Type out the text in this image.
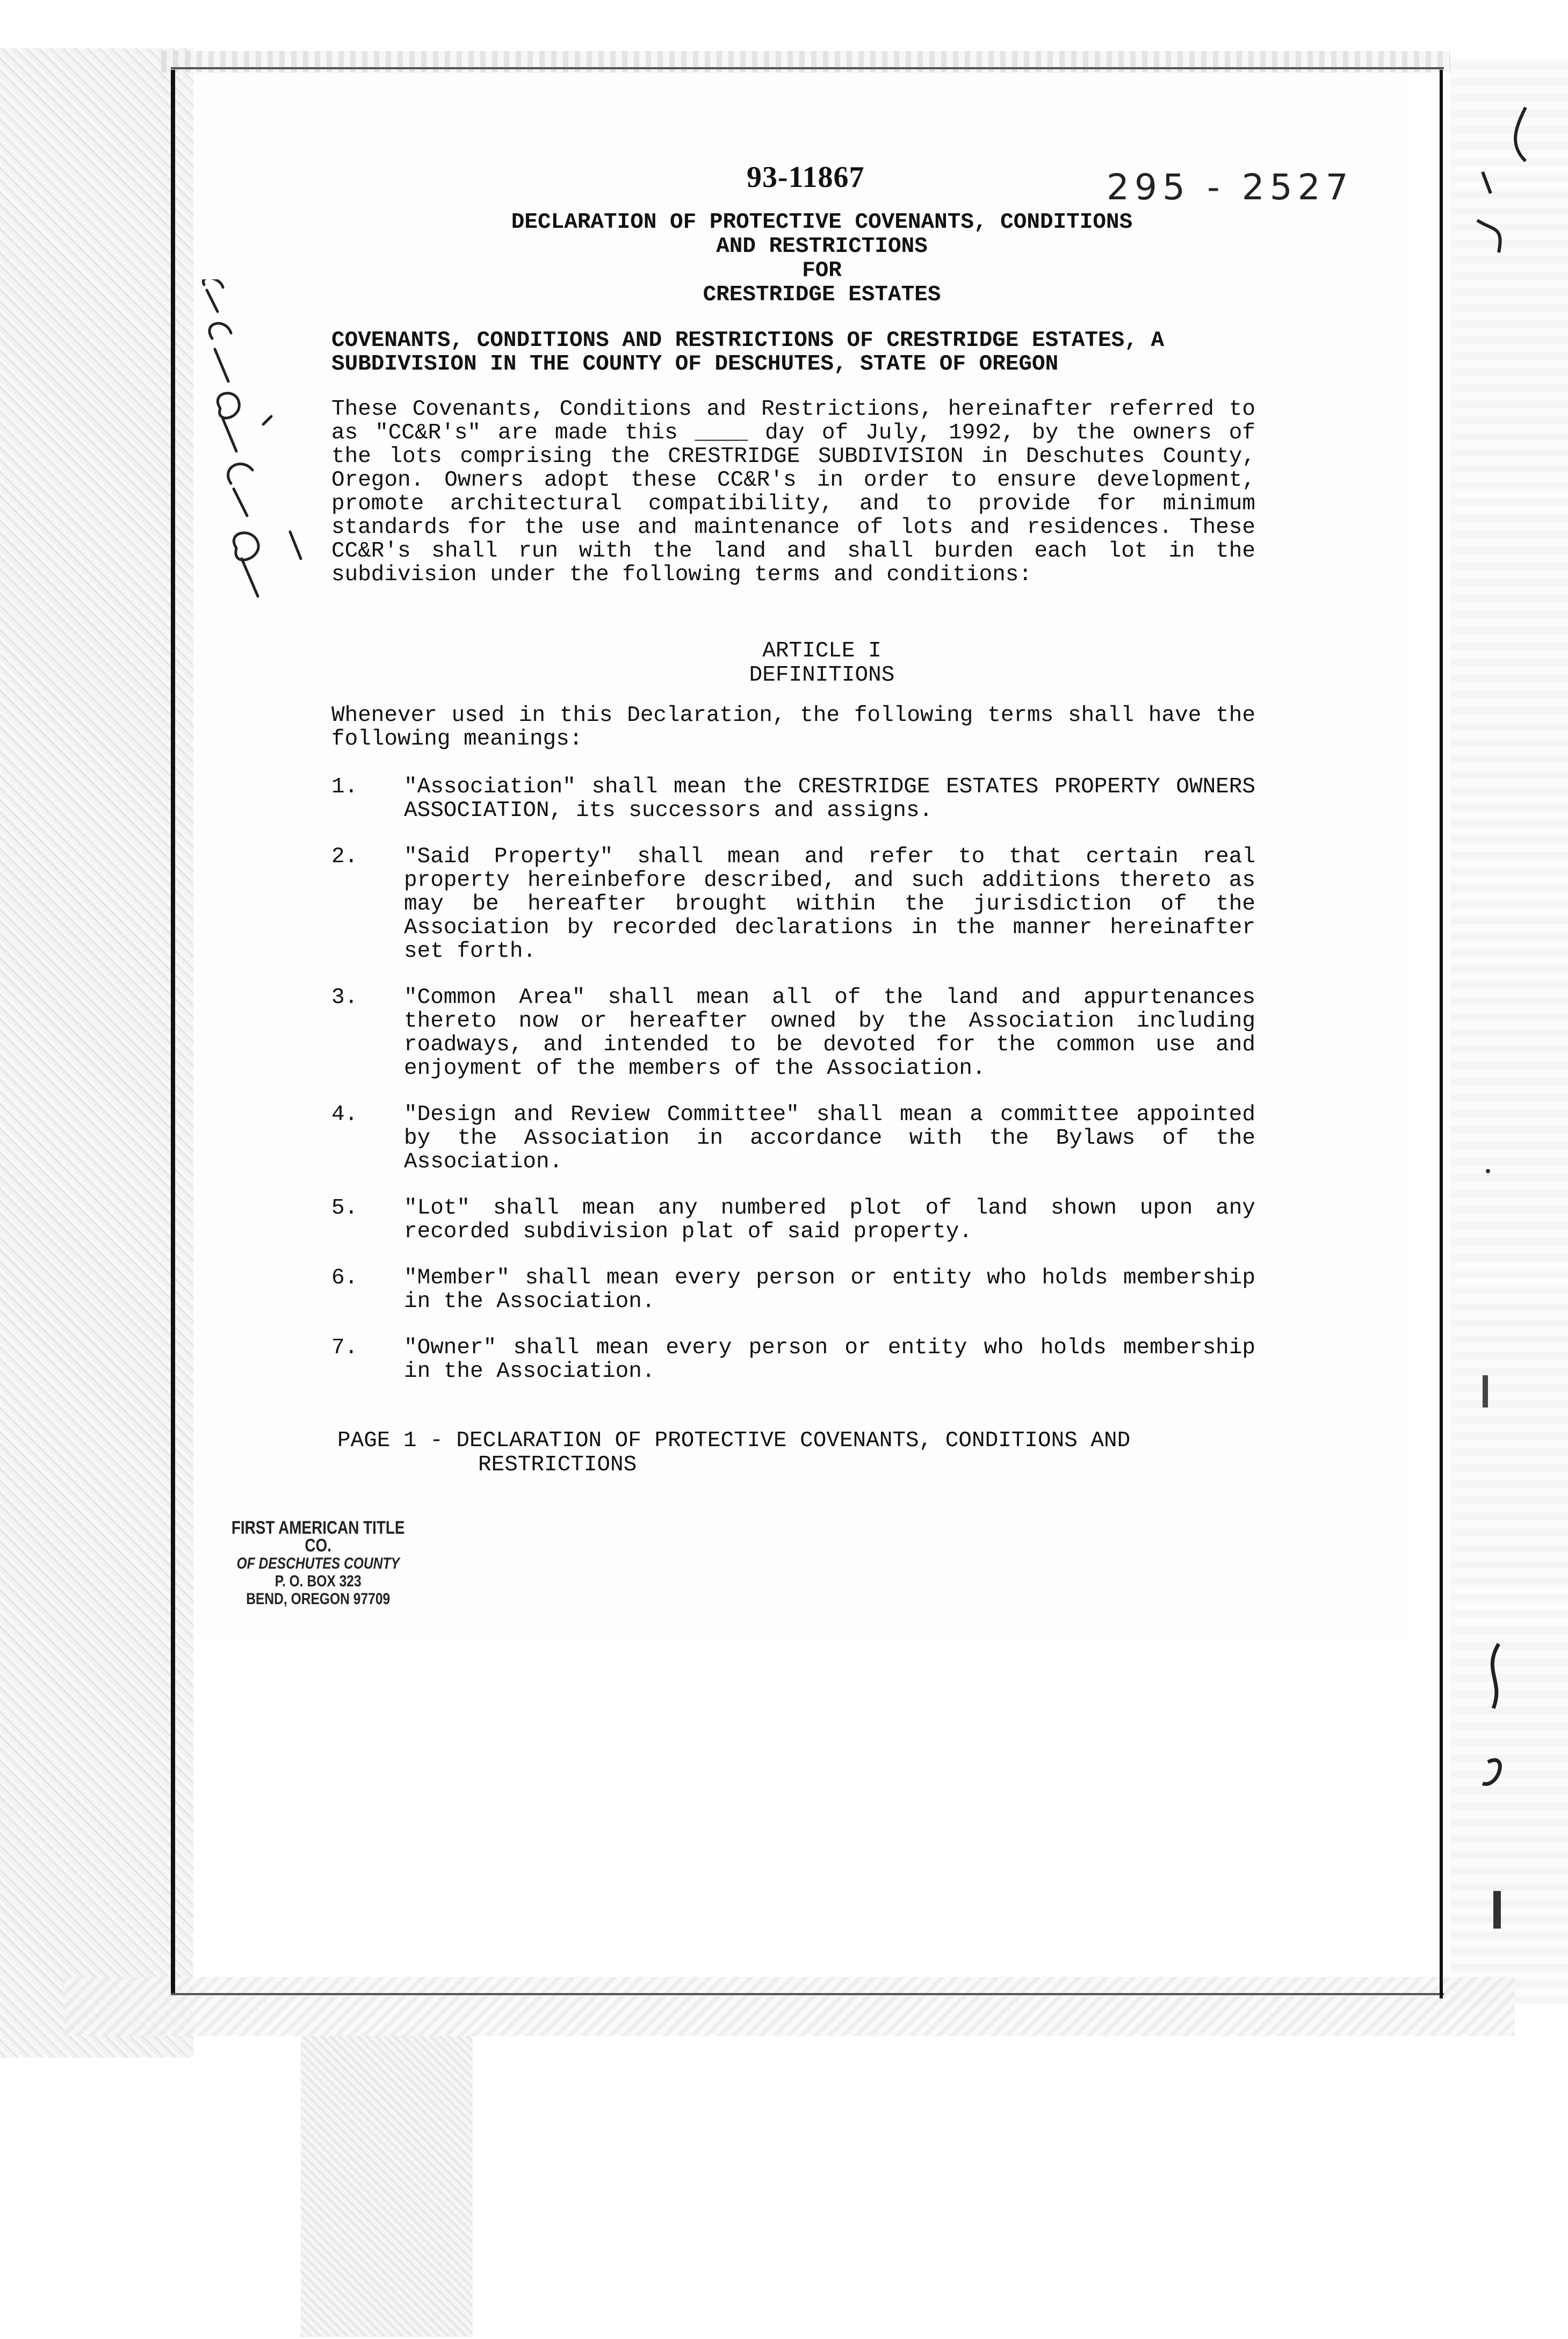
93-11867	295 - 2527
DECLARATION OF PROTECTIVE COVENANTS, CONDITIONS
AND RESTRICTIONS
FOR
CRESTRIDGE ESTATES
COVENANTS, CONDITIONS AND RESTRICTIONS OF CRESTRIDGE ESTATES, A
SUBDIVISION IN THE COUNTY OF DESCHUTES, STATE OF OREGON
These Covenants, Conditions and Restrictions, hereinafter referred to as "CC&R's" are made this ____ day of July, 1992, by the owners of the lots comprising the CRESTRIDGE SUBDIVISION in Deschutes County, Oregon. Owners adopt these CC&R's in order to ensure development, promote architectural compatibility, and to provide for minimum standards for the use and maintenance of lots and residences. These CC&R's shall run with the land and shall burden each lot in the subdivision under the following terms and conditions:
ARTICLE I
DEFINITIONS
Whenever used in this Declaration, the following terms shall have the following meanings:
1.	"Association" shall mean the CRESTRIDGE ESTATES PROPERTY OWNERS ASSOCIATION, its successors and assigns.
2.	"Said Property" shall mean and refer to that certain real property hereinbefore described, and such additions thereto as may be hereafter brought within the jurisdiction of the Association by recorded declarations in the manner hereinafter set forth.
3.	"Common Area" shall mean all of the land and appurtenances thereto now or hereafter owned by the Association including roadways, and intended to be devoted for the common use and enjoyment of the members of the Association.
4.	"Design and Review Committee" shall mean a committee appointed by the Association in accordance with the Bylaws of the Association.
5.	"Lot" shall mean any numbered plot of land shown upon any recorded subdivision plat of said property.
6.	"Member" shall mean every person or entity who holds membership in the Association.
7.	"Owner" shall mean every person or entity who holds membership in the Association.
PAGE 1 - DECLARATION OF PROTECTIVE COVENANTS, CONDITIONS AND
RESTRICTIONS
FIRST AMERICAN TITLE CO.
OF DESCHUTES COUNTY
P. O. BOX 323
BEND, OREGON 97709
